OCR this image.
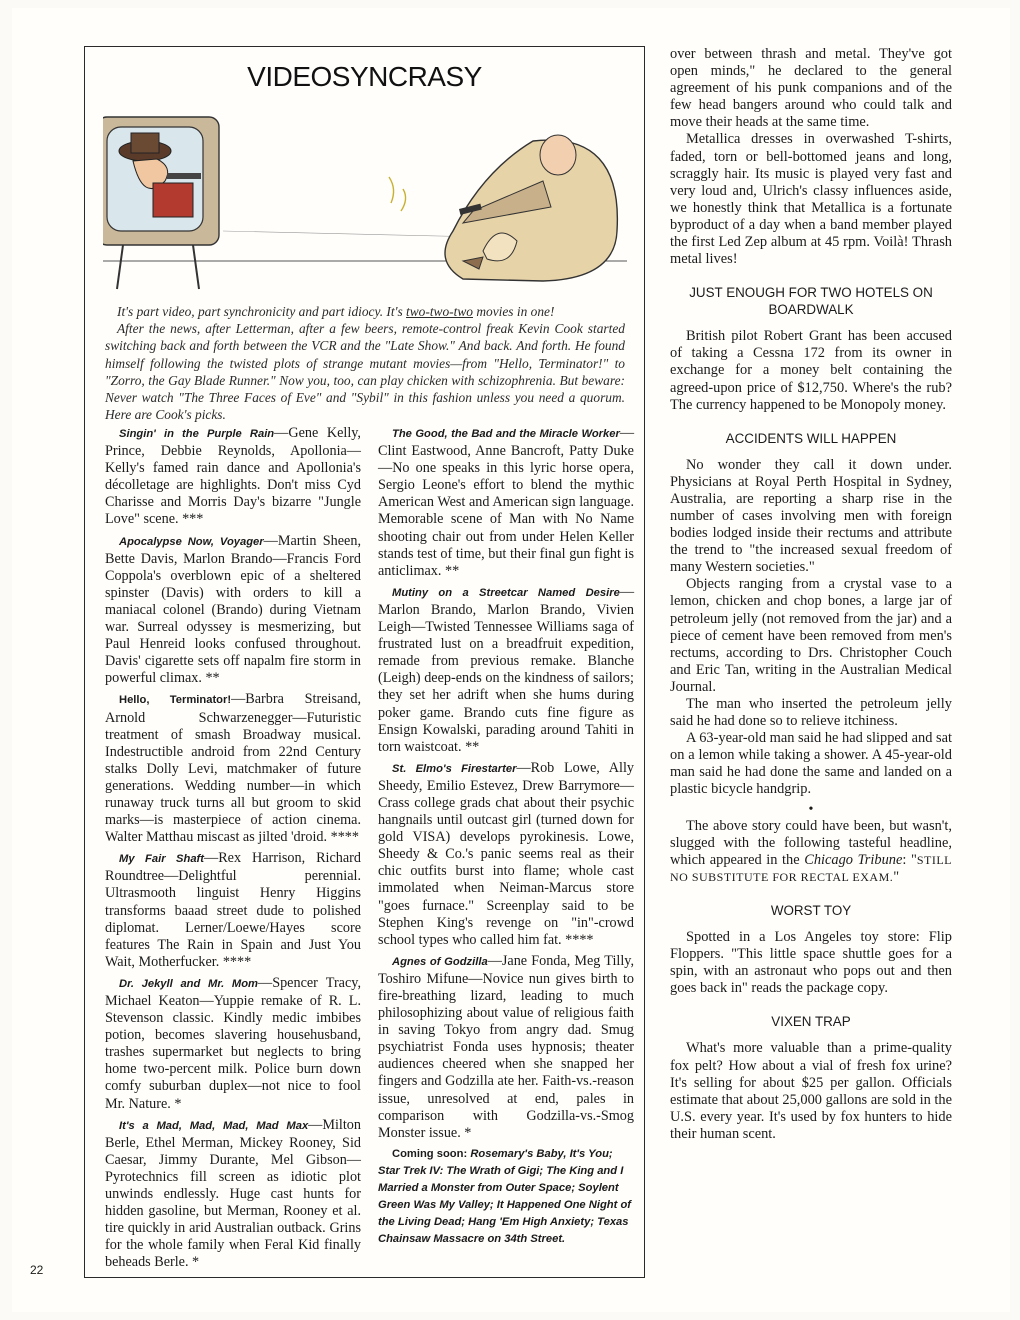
VIDEOSYNCRASY

It's part video, part synchronicity and part idiocy. It's two-two-two movies in one!

After the news, after Letterman, after a few beers, remote-control freak Kevin Cook started switching back and forth between the VCR and the "Late Show." And back. And forth. He found himself following the twisted plots of strange mutant movies—from "Hello, Terminator!" to "Zorro, the Gay Blade Runner." Now you, too, can play chicken with schizophrenia. But beware: Never watch "The Three Faces of Eve" and "Sybil" in this fashion unless you need a quorum. Here are Cook's picks.

Singin' in the Purple Rain—Gene Kelly, Prince, Debbie Reynolds, Apollonia—Kelly's famed rain dance and Apollonia's décolletage are highlights. Don't miss Cyd Charisse and Morris Day's bizarre "Jungle Love" scene. ***

Apocalypse Now, Voyager—Martin Sheen, Bette Davis, Marlon Brando—Francis Ford Coppola's overblown epic of a sheltered spinster (Davis) with orders to kill a maniacal colonel (Brando) during Vietnam war. Surreal odyssey is mesmerizing, but Paul Henreid looks confused throughout. Davis' cigarette sets off napalm fire storm in powerful climax. **

Hello, Terminator!—Barbra Streisand, Arnold Schwarzenegger—Futuristic treatment of smash Broadway musical. Indestructible android from 22nd Century stalks Dolly Levi, matchmaker of future generations. Wedding number—in which runaway truck turns all but groom to skid marks—is masterpiece of action cinema. Walter Matthau miscast as jilted 'droid. ****

My Fair Shaft—Rex Harrison, Richard Roundtree—Delightful perennial. Ultrasmooth linguist Henry Higgins transforms baaad street dude to polished diplomat. Lerner/Loewe/Hayes score features The Rain in Spain and Just You Wait, Motherfucker. ****

Dr. Jekyll and Mr. Mom—Spencer Tracy, Michael Keaton—Yuppie remake of R. L. Stevenson classic. Kindly medic imbibes potion, becomes slavering househusband, trashes supermarket but neglects to bring home two-percent milk. Police burn down comfy suburban duplex—not nice to fool Mr. Nature. *

It's a Mad, Mad, Mad, Mad Max—Milton Berle, Ethel Merman, Mickey Rooney, Sid Caesar, Jimmy Durante, Mel Gibson—Pyrotechnics fill screen as idiotic plot unwinds endlessly. Huge cast hunts for hidden gasoline, but Merman, Rooney et al. tire quickly in arid Australian outback. Grins for the whole family when Feral Kid finally beheads Berle. *

The Good, the Bad and the Miracle Worker—Clint Eastwood, Anne Bancroft, Patty Duke—No one speaks in this lyric horse opera, Sergio Leone's effort to blend the mythic American West and American sign language. Memorable scene of Man with No Name shooting chair out from under Helen Keller stands test of time, but their final gun fight is anticlimax. **

Mutiny on a Streetcar Named Desire—Marlon Brando, Marlon Brando, Vivien Leigh—Twisted Tennessee Williams saga of frustrated lust on a breadfruit expedition, remade from previous remake. Blanche (Leigh) deep-ends on the kindness of sailors; they set her adrift when she hums during poker game. Brando cuts fine figure as Ensign Kowalski, parading around Tahiti in torn waistcoat. **

St. Elmo's Firestarter—Rob Lowe, Ally Sheedy, Emilio Estevez, Drew Barrymore—Crass college grads chat about their psychic hangnails until outcast girl (turned down for gold VISA) develops pyrokinesis. Lowe, Sheedy & Co.'s panic seems real as their chic outfits burst into flame; whole cast immolated when Neiman-Marcus store "goes furnace." Screenplay said to be Stephen King's revenge on "in"-crowd school types who called him fat. ****

Agnes of Godzilla—Jane Fonda, Meg Tilly, Toshiro Mifune—Novice nun gives birth to fire-breathing lizard, leading to much philosophizing about value of religious faith in saving Tokyo from angry dad. Smug psychiatrist Fonda uses hypnosis; theater audiences cheered when she snapped her fingers and Godzilla ate her. Faith-vs.-reason issue, unresolved at end, pales in comparison with Godzilla-vs.-Smog Monster issue. *

Coming soon: Rosemary's Baby, It's You; Star Trek IV: The Wrath of Gigi; The King and I Married a Monster from Outer Space; Soylent Green Was My Valley; It Happened One Night of the Living Dead; Hang 'Em High Anxiety; Texas Chainsaw Massacre on 34th Street.

over between thrash and metal. They've got open minds," he declared to the general agreement of his punk companions and of the few head bangers around who could talk and move their heads at the same time.

Metallica dresses in overwashed T-shirts, faded, torn or bell-bottomed jeans and long, scraggly hair. Its music is played very fast and very loud and, Ulrich's classy influences aside, we honestly think that Metallica is a fortunate byproduct of a day when a band member played the first Led Zep album at 45 rpm. Voilà! Thrash metal lives!

JUST ENOUGH FOR TWO HOTELS ON BOARDWALK

British pilot Robert Grant has been accused of taking a Cessna 172 from its owner in exchange for a money belt containing the agreed-upon price of $12,750. Where's the rub? The currency happened to be Monopoly money.

ACCIDENTS WILL HAPPEN

No wonder they call it down under. Physicians at Royal Perth Hospital in Sydney, Australia, are reporting a sharp rise in the number of cases involving men with foreign bodies lodged inside their rectums and attribute the trend to "the increased sexual freedom of many Western societies."

Objects ranging from a crystal vase to a lemon, chicken and chop bones, a large jar of petroleum jelly (not removed from the jar) and a piece of cement have been removed from men's rectums, according to Drs. Christopher Couch and Eric Tan, writing in the Australian Medical Journal.

The man who inserted the petroleum jelly said he had done so to relieve itchiness.

A 63-year-old man said he had slipped and sat on a lemon while taking a shower. A 45-year-old man said he had done the same and landed on a plastic bicycle handgrip.

•

The above story could have been, but wasn't, slugged with the following tasteful headline, which appeared in the Chicago Tribune: "STILL NO SUBSTITUTE FOR RECTAL EXAM."

WORST TOY

Spotted in a Los Angeles toy store: Flip Floppers. "This little space shuttle goes for a spin, with an astronaut who pops out and then goes back in" reads the package copy.

VIXEN TRAP

What's more valuable than a prime-quality fox pelt? How about a vial of fresh fox urine? It's selling for about $25 per gallon. Officials estimate that about 25,000 gallons are sold in the U.S. every year. It's used by fox hunters to hide their human scent.

22
